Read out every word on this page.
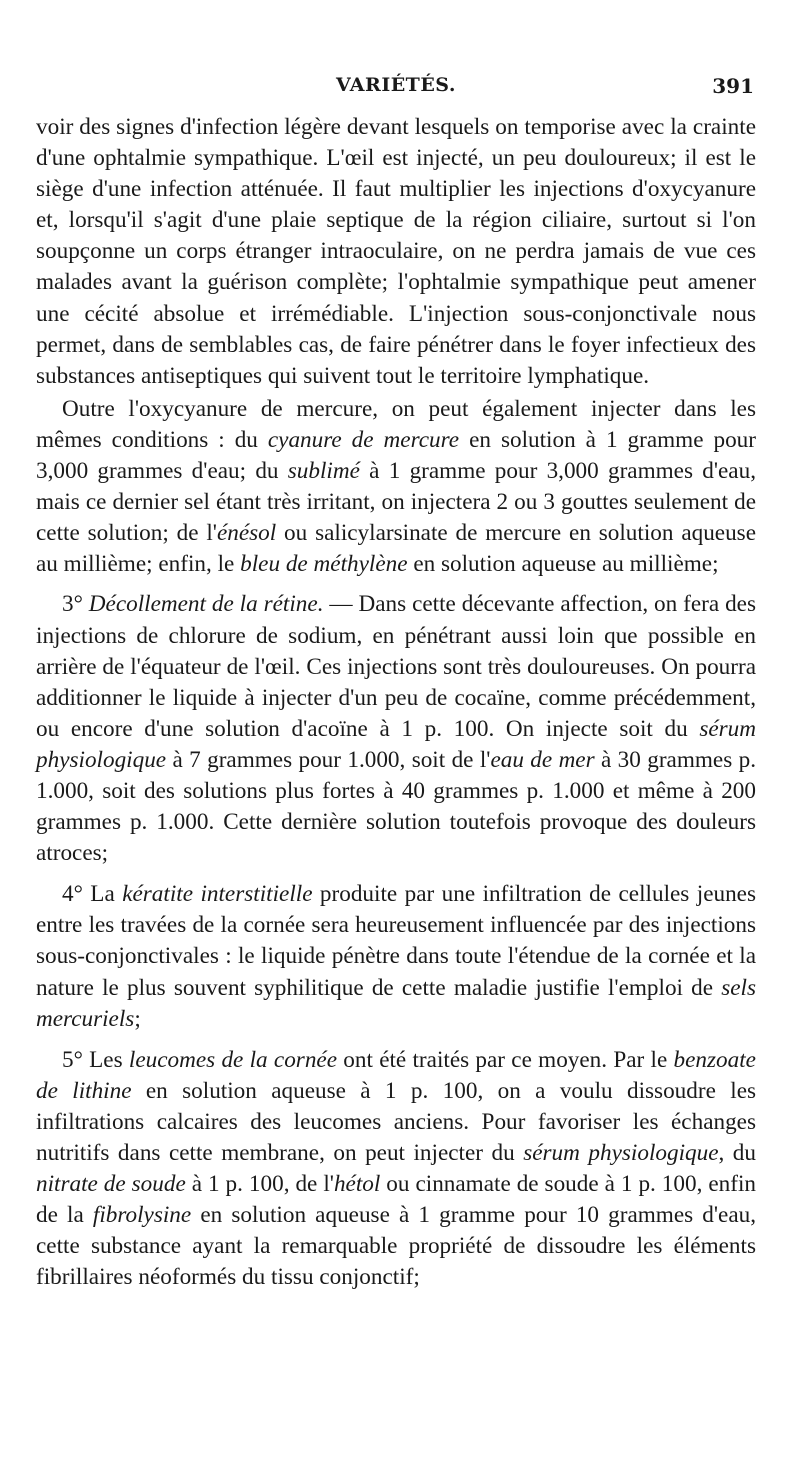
VARIÉTÉS.	391

voir des signes d'infection légère devant lesquels on temporise avec la crainte d'une ophtalmie sympathique. L'œil est injecté, un peu douloureux; il est le siège d'une infection atténuée. Il faut multiplier les injections d'oxycyanure et, lorsqu'il s'agit d'une plaie septique de la région ciliaire, surtout si l'on soupçonne un corps étranger intraoculaire, on ne perdra jamais de vue ces malades avant la guérison complète; l'ophtalmie sympathique peut amener une cécité absolue et irrémédiable. L'injection sous-conjonctivale nous permet, dans de semblables cas, de faire pénétrer dans le foyer infectieux des substances antiseptiques qui suivent tout le territoire lymphatique.

Outre l'oxycyanure de mercure, on peut également injecter dans les mêmes conditions : du cyanure de mercure en solution à 1 gramme pour 3,000 grammes d'eau; du sublimé à 1 gramme pour 3,000 grammes d'eau, mais ce dernier sel étant très irritant, on injectera 2 ou 3 gouttes seulement de cette solution; de l'énésol ou salicylarsinate de mercure en solution aqueuse au millième; enfin, le bleu de méthylène en solution aqueuse au millième;

3° Décollement de la rétine. — Dans cette décevante affection, on fera des injections de chlorure de sodium, en pénétrant aussi loin que possible en arrière de l'équateur de l'œil. Ces injections sont très douloureuses. On pourra additionner le liquide à injecter d'un peu de cocaïne, comme précédemment, ou encore d'une solution d'acoïne à 1 p. 100. On injecte soit du sérum physiologique à 7 grammes pour 1.000, soit de l'eau de mer à 30 grammes p. 1.000, soit des solutions plus fortes à 40 grammes p. 1.000 et même à 200 grammes p. 1.000. Cette dernière solution toutefois provoque des douleurs atroces;

4° La kératite interstitielle produite par une infiltration de cellules jeunes entre les travées de la cornée sera heureusement influencée par des injections sous-conjonctivales : le liquide pénètre dans toute l'étendue de la cornée et la nature le plus souvent syphilitique de cette maladie justifie l'emploi de sels mercuriels;

5° Les leucomes de la cornée ont été traités par ce moyen. Par le benzoate de lithine en solution aqueuse à 1 p. 100, on a voulu dissoudre les infiltrations calcaires des leucomes anciens. Pour favoriser les échanges nutritifs dans cette membrane, on peut injecter du sérum physiologique, du nitrate de soude à 1 p. 100, de l'hétol ou cinnamate de soude à 1 p. 100, enfin de la fibrolysine en solution aqueuse à 1 gramme pour 10 grammes d'eau, cette substance ayant la remarquable propriété de dissoudre les éléments fibrillaires néoformés du tissu conjonctif;
